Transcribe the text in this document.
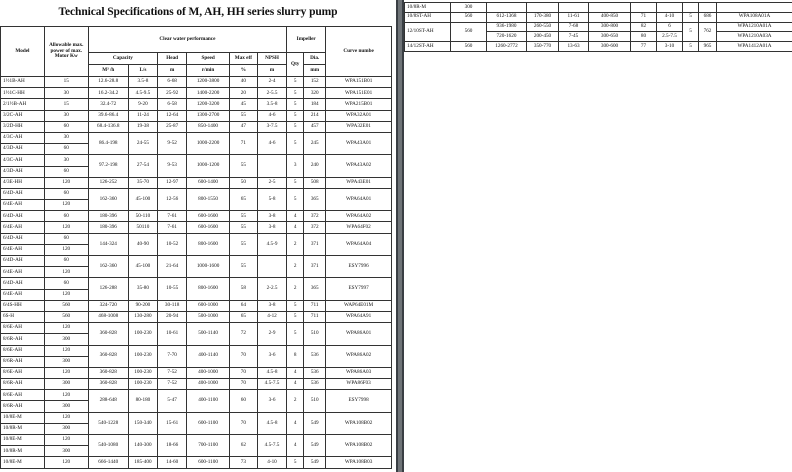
Technical Specifications of M, AH, HH series slurry pump
Model	Allowable max. power of max. Motor Kw	Clear water performance						Impeller		Curve numbe
		Capacity		Head	Speed	Max eff	NPSH	Qty	Dia.	
		M³ /h	L/s	m	r/min	%	m		mm	
1½1B-AH	15	12.6-28.8	3.5-8	6-68	1200-3800	40	2-4	5	152	WPA151B01
1½1C-HH	30	16.2-34.2	4.5-9.5	25-92	1400-2200	20	2-5.5	5	320	WPA151E01
2/1½B-AH	15	32.4-72	9-20	6-58	1200-3200	45	3.5-8	5	184	WPA215B01
3/2C-AH	30	39.6-86.4	11-24	12-64	1300-2700	55	4-6	5	214	WPA32A01
3/2D-HH	60	68.4-136.8	19-38	25-87	850-1400	47	3-7.5	5	457	WPA32E01
4/3C-AH	30	86.4-198	24-55	9-52	1000-2200	71	4-6	5	245	WPA43A01
4/3D-AH	60									
4/3C-AH	30	97.2-198	27-54	9-53	1000-1200	55		3	240	WPA43A02
4/3D-AH	60									
4/3E-HH	120	126-252	35-70	12-97	600-1400	50	2-5	5	508	WPA43E01
6/4D-AH	60	162-360	45-100	12-56	800-1550	65	5-8	5	365	WPA64A01
6/4E-AH	120									
6/4D-AH	60	180-396	50-110	7-61	600-1600	55	3-8	4	372	WPA64A02
6/4E-AH	120	180-396	50110	7-61	600-1600	55	3-8	4	372	WPA64F02
6/4D-AH	60	144-324	40-90	10-52	800-1600	55	4.5-9	2	371	WPA64A04
6/4E-AH	120									
6/4D-AH	60	162-360	45-100	21-64	1000-1600	55		2	371	ESY7996
6/4E-AH	120									
6/4D-AH	60	126-288	35-80	10-55	800-1600	58	2-2.5	2	365	ESY7997
6/4E-AH	120									
6/4S-HH	560	324-720	90-200	30-118	600-1000	64	3-8	5	711	WAP64E01M
6S-H	560	468-1008	130-280	20-94	500-1000	65	4-12	5	711	WPA64A91
8/6E-AH	120	360-828	100-230	10-61	500-1140	72	2-9	5	510	WPA86A01
8/6R-AH	300									
8/6E-AH	120	360-828	100-230	7-70	400-1140	70	3-6	8	536	WPA86A02
8/6R-AH	300									
8/6E-AH	120	360-828	100-230	7-52	400-1000	70	4.5-8	4	536	WPA86A03
8/6R-AH	300	360-828	100-230	7-52	400-1000	70	4.5-7.5	4	536	WPA86F03
8/6E-AH	120	288-648	80-180	5-47	400-1100	60	3-6	2	510	ESY7998
8/6R-AH	300									
10/8E-M	120	540-1228	150-340	15-61	600-1100	70	4.5-8	4	549	WPA108B02
10/8R-M	300									
10/8E-M	120	540-1080	140-300	18-66	700-1100	62	4.5-7.5	4	549	WPA108B02
10/8R-M	300									
10/8E-M	120	666-1440	185-400	14-60	600-1100	73	4-10	5	549	WPA108B03
10/8R-M	300									
10/8ST-AH	560	612-1368	170-380	11-61	400-850	71	4-10	5	686	WPA108A01A
12/10ST-AH	560	936-1980	260-550	7-68	300-800	82	6	5	762	WPA1210A01A
		720-1620	200-450	7-45	300-650	80	2.5-7.5			WPA1210A03A
14/12ST-AH	560	1260-2772	350-770	13-63	300-600	77	3-10	5	965	WPA1412A01A
